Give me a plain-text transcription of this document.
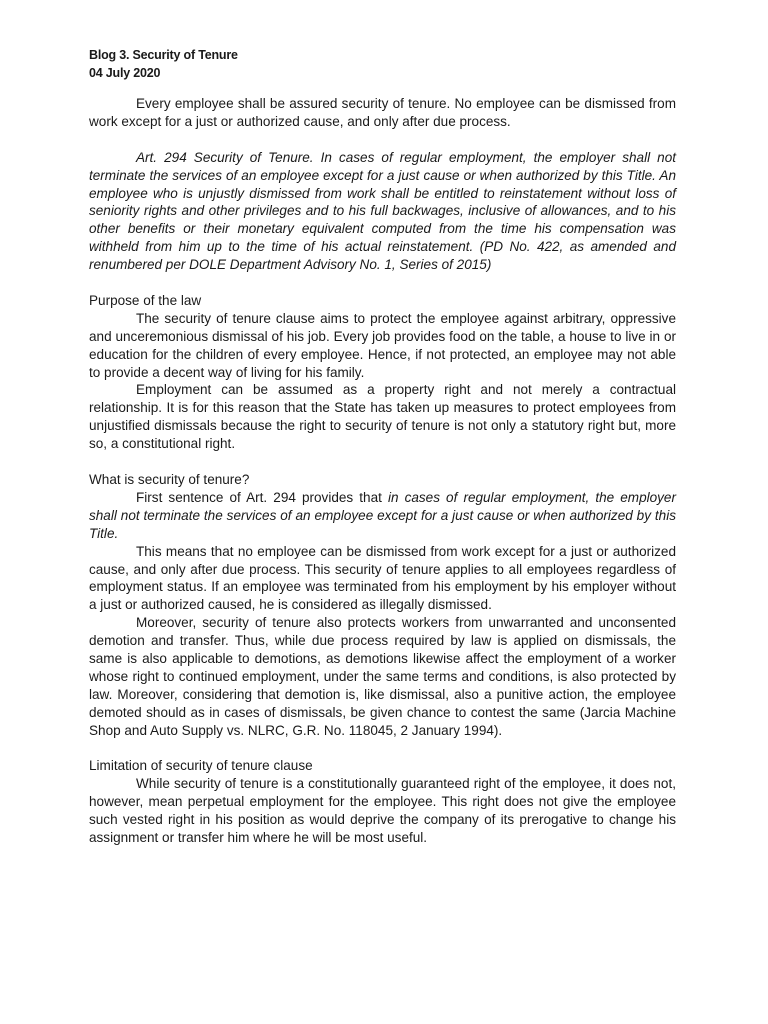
Blog 3. Security of Tenure
04 July 2020

Every employee shall be assured security of tenure. No employee can be dismissed from work except for a just or authorized cause, and only after due process.

Art. 294 Security of Tenure. In cases of regular employment, the employer shall not terminate the services of an employee except for a just cause or when authorized by this Title. An employee who is unjustly dismissed from work shall be entitled to reinstatement without loss of seniority rights and other privileges and to his full backwages, inclusive of allowances, and to his other benefits or their monetary equivalent computed from the time his compensation was withheld from him up to the time of his actual reinstatement. (PD No. 422, as amended and renumbered per DOLE Department Advisory No. 1, Series of 2015)

Purpose of the law

The security of tenure clause aims to protect the employee against arbitrary, oppressive and unceremonious dismissal of his job. Every job provides food on the table, a house to live in or education for the children of every employee. Hence, if not protected, an employee may not able to provide a decent way of living for his family.

Employment can be assumed as a property right and not merely a contractual relationship. It is for this reason that the State has taken up measures to protect employees from unjustified dismissals because the right to security of tenure is not only a statutory right but, more so, a constitutional right.

What is security of tenure?

First sentence of Art. 294 provides that in cases of regular employment, the employer shall not terminate the services of an employee except for a just cause or when authorized by this Title.

This means that no employee can be dismissed from work except for a just or authorized cause, and only after due process. This security of tenure applies to all employees regardless of employment status. If an employee was terminated from his employment by his employer without a just or authorized caused, he is considered as illegally dismissed.

Moreover, security of tenure also protects workers from unwarranted and unconsented demotion and transfer. Thus, while due process required by law is applied on dismissals, the same is also applicable to demotions, as demotions likewise affect the employment of a worker whose right to continued employment, under the same terms and conditions, is also protected by law. Moreover, considering that demotion is, like dismissal, also a punitive action, the employee demoted should as in cases of dismissals, be given chance to contest the same (Jarcia Machine Shop and Auto Supply vs. NLRC, G.R. No. 118045, 2 January 1994).

Limitation of security of tenure clause

While security of tenure is a constitutionally guaranteed right of the employee, it does not, however, mean perpetual employment for the employee. This right does not give the employee such vested right in his position as would deprive the company of its prerogative to change his assignment or transfer him where he will be most useful.
